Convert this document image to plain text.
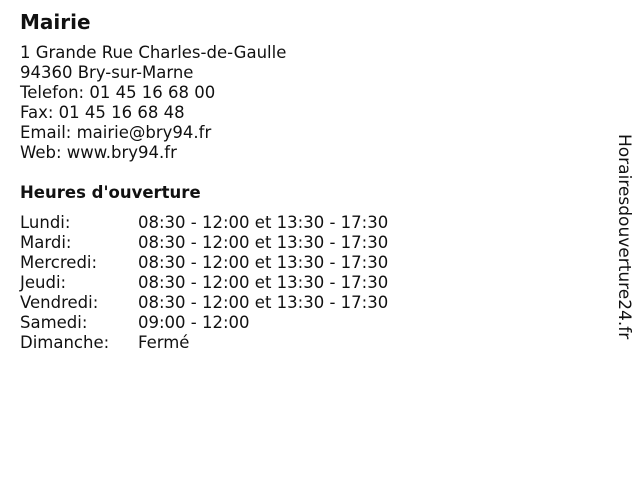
Mairie
1 Grande Rue Charles-de-Gaulle
94360 Bry-sur-Marne
Telefon: 01 45 16 68 00
Fax: 01 45 16 68 48
Email: mairie@bry94.fr
Web: www.bry94.fr
Heures d'ouverture
Lundi:	08:30 - 12:00 et 13:30 - 17:30
Mardi:	08:30 - 12:00 et 13:30 - 17:30
Mercredi:	08:30 - 12:00 et 13:30 - 17:30
Jeudi:	08:30 - 12:00 et 13:30 - 17:30
Vendredi:	08:30 - 12:00 et 13:30 - 17:30
Samedi:	09:00 - 12:00
Dimanche:	Fermé
Horairesdouverture24.fr
